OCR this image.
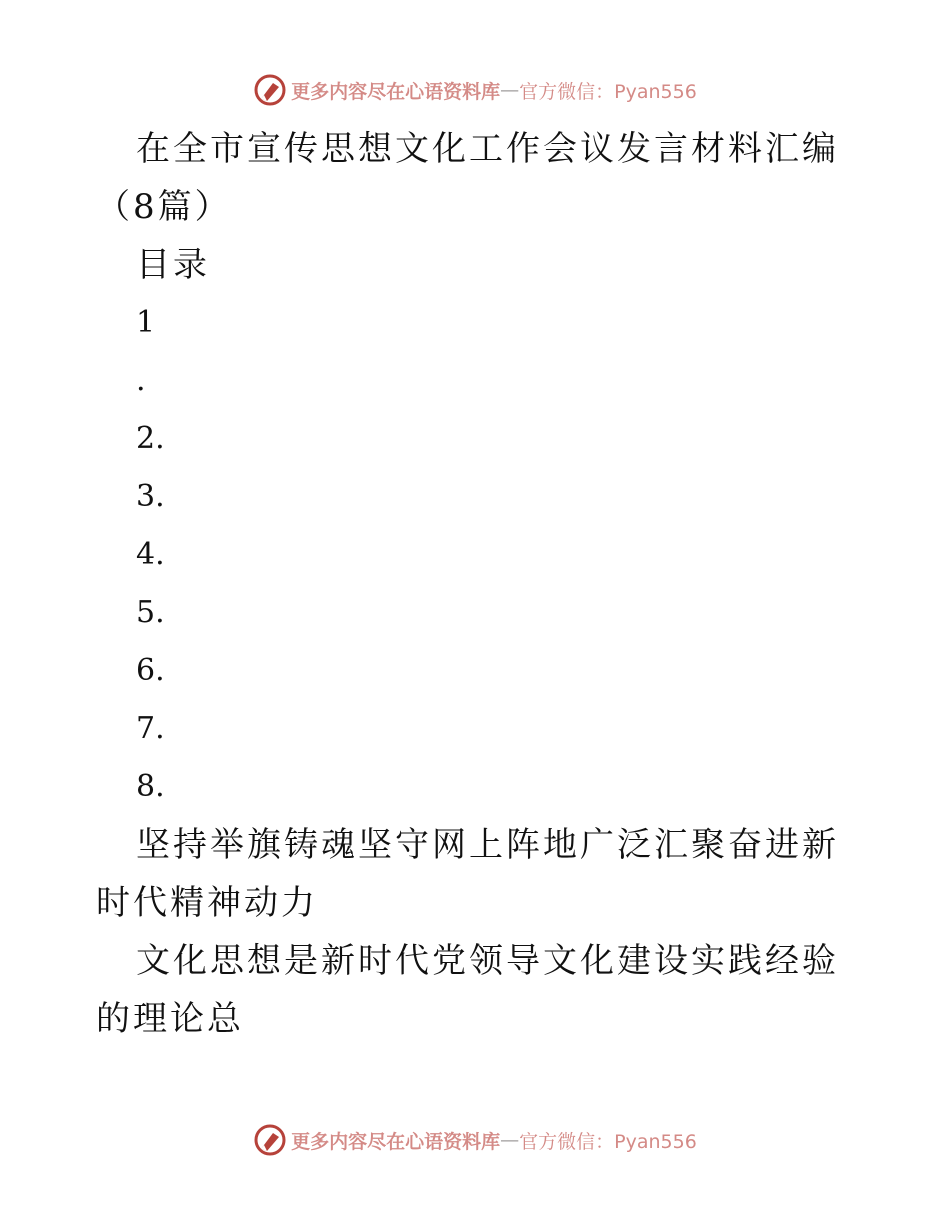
更多内容尽在心语资料库 — 官方微信：Pyan556

在全市宣传思想文化工作会议发言材料汇编（8篇）

目录

1

.

2.

3.

4.

5.

6.

7.

8.

坚持举旗铸魂坚守网上阵地广泛汇聚奋进新时代精神动力

文化思想是新时代党领导文化建设实践经验的理论总

更多内容尽在心语资料库 — 官方微信：Pyan556
